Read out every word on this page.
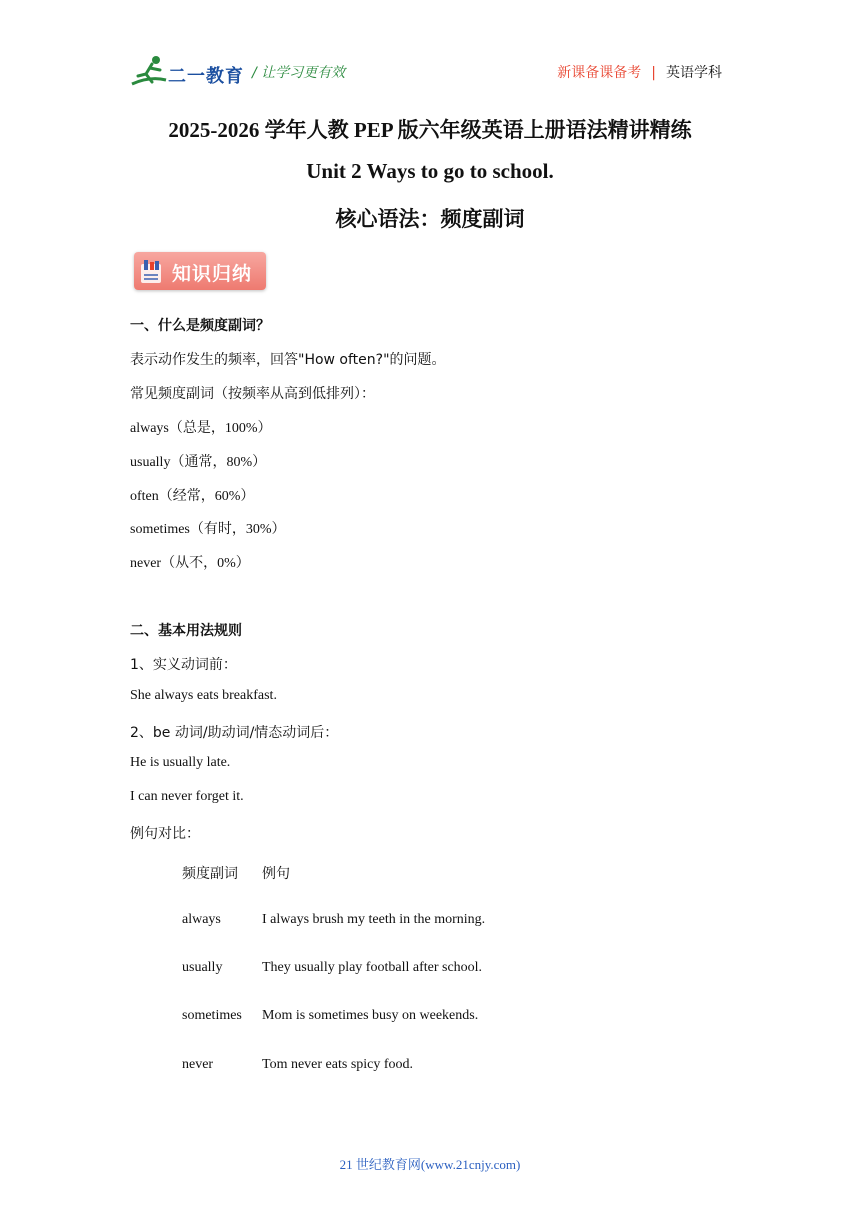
二一教育 / 让学习更有效	新课备课备考 | 英语学科
2025-2026 学年人教 PEP 版六年级英语上册语法精讲精练
Unit 2 Ways to go to school.
核心语法：频度副词
知识归纳
一、什么是频度副词？
表示动作发生的频率，回答"How often?"的问题。
常见频度副词（按频率从高到低排列）：
always（总是，100%）
usually（通常，80%）
often（经常，60%）
sometimes（有时，30%）
never（从不，0%）
二、基本用法规则
1、实义动词前：
She always eats breakfast.
2、be 动词/助动词/情态动词后：
He is usually late.
I can never forget it.
例句对比：
频度副词 例句
always	I always brush my teeth in the morning.
usually	They usually play football after school.
sometimes Mom is sometimes busy on weekends.
never	Tom never eats spicy food.
21 世纪教育网(www.21cnjy.com)
